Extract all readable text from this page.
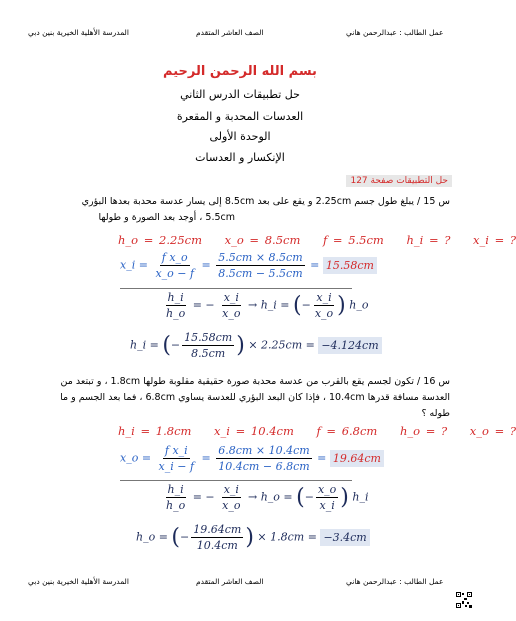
عمل الطالب : عبدالرحمن هاني
الصف العاشر المتقدم
المدرسة الأهلية الخيرية بنين دبي
بسم الله الرحمن الرحيم
حل تطبيقات الدرس الثاني
العدسات المحدبة و المقعرة
الوحدة الأولى
الإنكسار و العدسات
حل التطبيقات صفحة 127
س 15 / يبلغ طول جسم 2.25cm و يقع على بعد 8.5cm إلى يسار عدسة محدبة بعدها البؤري
5.5cm ، أوجد بعد الصورة و طولها
h_o = 2.25cm x_o = 8.5cm f = 5.5cm h_i = ? x_i = ?
x_i = $\frac{\text{f x\_o}}{x\_o - f} = \frac{5.5cm \times 8.5cm}{8.5cm - 5.5cm} = 15.58cm$
$\frac{h\_i}{h\_o}$ = − $\frac{x\_i}{x\_o}$ → h_i = (− $\frac{x\_i}{x\_o}$ ) h_o
h_i = (− $\frac{15.58cm}{8.5cm}$ ) × 2.25cm = −4.124cm
س 16 / تكون لجسم يقع بالقرب من عدسة محدبة صورة حقيقية مقلوبة طولها 1.8cm ، و تبتعد من
العدسة مسافة قدرها 10.4cm ، فإذا كان البعد البؤري للعدسة يساوي 6.8cm ، فما بعد الجسم و ما
طوله ؟
h_i = 1.8cm x_i = 10.4cm f = 6.8cm h_o = ? x_o = ?
x_o = $\frac{\text{f x\_i}}{x\_i - f} = \frac{6.8cm \times 10.4cm}{10.4cm - 6.8cm} = 19.64cm$
$\frac{h\_i}{h\_o}$ = − $\frac{x\_i}{x\_o}$ → h_o = (− $\frac{x\_o}{x\_i}$ ) h_i
h_o = (− $\frac{19.64cm}{10.4cm}$ ) × 1.8cm = −3.4cm
عمل الطالب : عبدالرحمن هاني
الصف العاشر المتقدم
المدرسة الأهلية الخيرية بنين دبي
